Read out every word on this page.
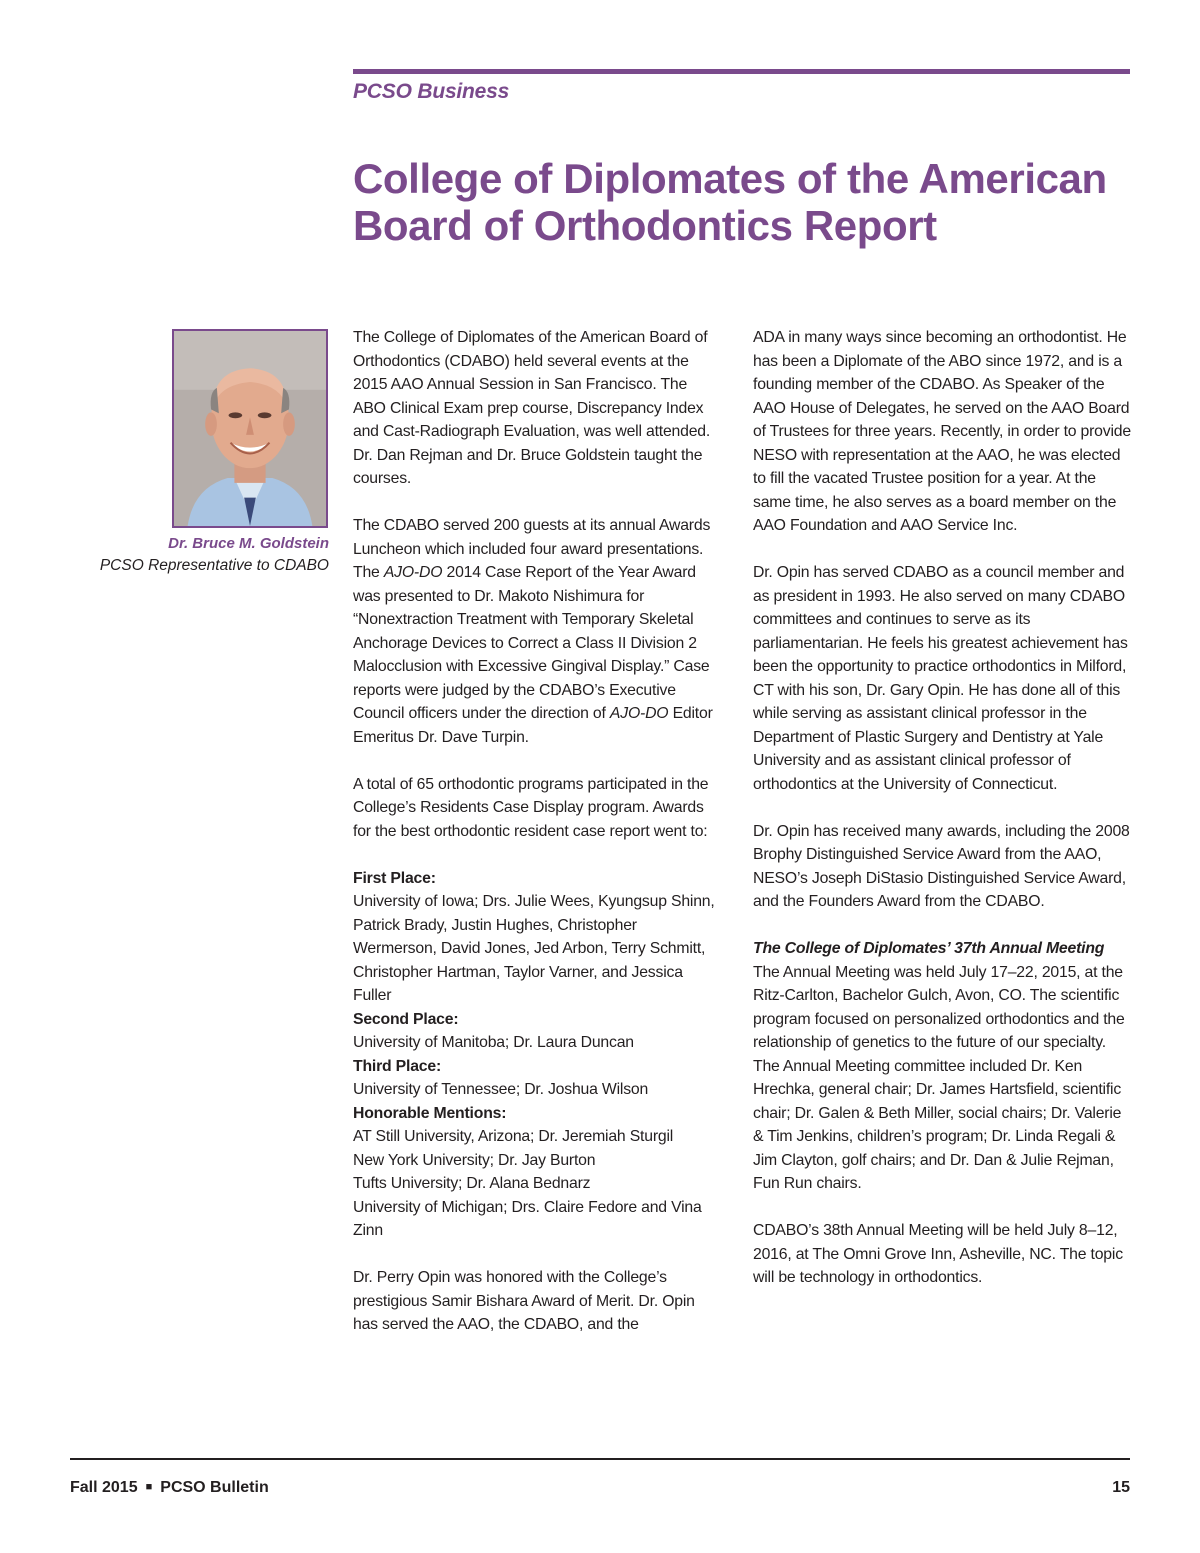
PCSO Business
College of Diplomates of the American Board of Orthodontics Report
Dr. Bruce M. Goldstein
PCSO Representative to CDABO

The College of Diplomates of the American Board of Orthodontics (CDABO) held several events at the 2015 AAO Annual Session in San Francisco. The ABO Clinical Exam prep course, Discrepancy Index and Cast-Radiograph Evaluation, was well attended. Dr. Dan Rejman and Dr. Bruce Goldstein taught the courses.

The CDABO served 200 guests at its annual Awards Luncheon which included four award presentations. The AJO-DO 2014 Case Report of the Year Award was presented to Dr. Makoto Nishimura for “Nonextraction Treatment with Temporary Skeletal Anchorage Devices to Correct a Class II Division 2 Malocclusion with Excessive Gingival Display.” Case reports were judged by the CDABO’s Executive Council officers under the direction of AJO-DO Editor Emeritus Dr. Dave Turpin.

A total of 65 orthodontic programs participated in the College’s Residents Case Display program. Awards for the best orthodontic resident case report went to:

First Place:
University of Iowa; Drs. Julie Wees, Kyungsup Shinn, Patrick Brady, Justin Hughes, Christopher Wermerson, David Jones, Jed Arbon, Terry Schmitt, Christopher Hartman, Taylor Varner, and Jessica Fuller
Second Place:
University of Manitoba; Dr. Laura Duncan
Third Place:
University of Tennessee; Dr. Joshua Wilson
Honorable Mentions:
AT Still University, Arizona; Dr. Jeremiah Sturgil
New York University; Dr. Jay Burton
Tufts University; Dr. Alana Bednarz
University of Michigan; Drs. Claire Fedore and Vina Zinn

Dr. Perry Opin was honored with the College’s prestigious Samir Bishara Award of Merit. Dr. Opin has served the AAO, the CDABO, and the

ADA in many ways since becoming an orthodontist. He has been a Diplomate of the ABO since 1972, and is a founding member of the CDABO. As Speaker of the AAO House of Delegates, he served on the AAO Board of Trustees for three years. Recently, in order to provide NESO with representation at the AAO, he was elected to fill the vacated Trustee position for a year. At the same time, he also serves as a board member on the AAO Foundation and AAO Service Inc.

Dr. Opin has served CDABO as a council member and as president in 1993. He also served on many CDABO committees and continues to serve as its parliamentarian. He feels his greatest achievement has been the opportunity to practice orthodontics in Milford, CT with his son, Dr. Gary Opin. He has done all of this while serving as assistant clinical professor in the Department of Plastic Surgery and Dentistry at Yale University and as assistant clinical professor of orthodontics at the University of Connecticut.

Dr. Opin has received many awards, including the 2008 Brophy Distinguished Service Award from the AAO, NESO’s Joseph DiStasio Distinguished Service Award, and the Founders Award from the CDABO.

The College of Diplomates’ 37th Annual Meeting

The Annual Meeting was held July 17–22, 2015, at the Ritz-Carlton, Bachelor Gulch, Avon, CO. The scientific program focused on personalized orthodontics and the relationship of genetics to the future of our specialty. The Annual Meeting committee included Dr. Ken Hrechka, general chair; Dr. James Hartsfield, scientific chair; Dr. Galen & Beth Miller, social chairs; Dr. Valerie & Tim Jenkins, children’s program; Dr. Linda Regali & Jim Clayton, golf chairs; and Dr. Dan & Julie Rejman, Fun Run chairs.

CDABO’s 38th Annual Meeting will be held July 8–12, 2016, at The Omni Grove Inn, Asheville, NC. The topic will be technology in orthodontics.

Fall 2015 ■ PCSO Bulletin	15
